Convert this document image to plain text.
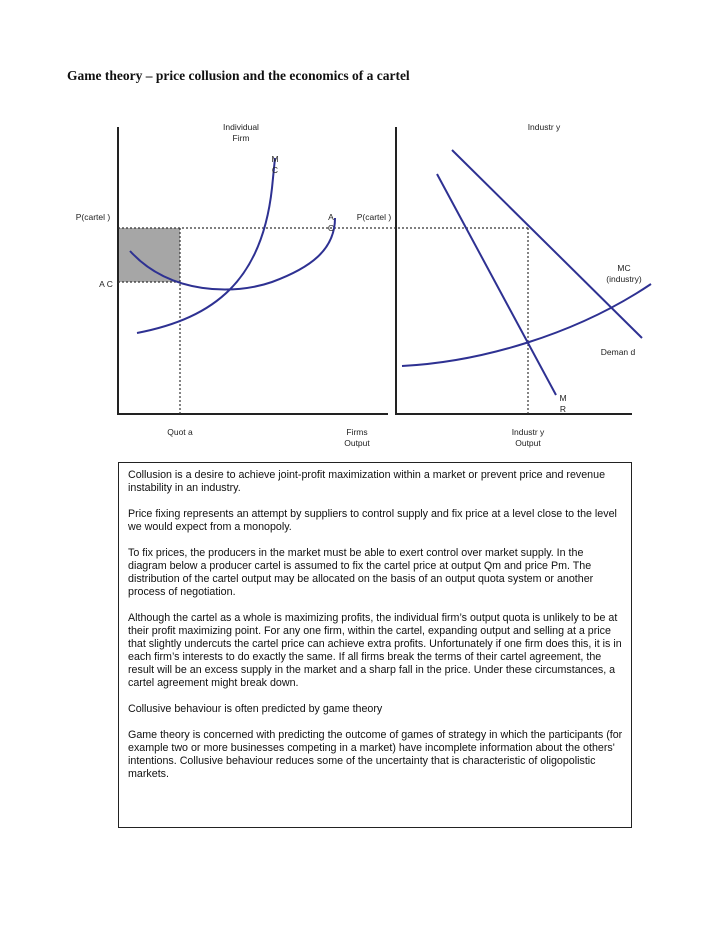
Game theory – price collusion and the economics of a cartel
Individual Firm
Industr y
M C
A C
P(cartel )	P(cartel )
A C
MC (industry)
Deman d
M R
Quot a	Firms Output
Industr y Output

Collusion is a desire to achieve joint-profit maximization within a market or prevent price and revenue instability in an industry.

Price fixing represents an attempt by suppliers to control supply and fix price at a level close to the level we would expect from a monopoly.

To fix prices, the producers in the market must be able to exert control over market supply. In the diagram below a producer cartel is assumed to fix the cartel price at output Qm and price Pm. The distribution of the cartel output may be allocated on the basis of an output quota system or another process of negotiation.

Although the cartel as a whole is maximizing profits, the individual firm’s output quota is unlikely to be at their profit maximizing point. For any one firm, within the cartel, expanding output and selling at a price that slightly undercuts the cartel price can achieve extra profits. Unfortunately if one firm does this, it is in each firm’s interests to do exactly the same. If all firms break the terms of their cartel agreement, the result will be an excess supply in the market and a sharp fall in the price. Under these circumstances, a cartel agreement might break down.

Collusive behaviour is often predicted by game theory

Game theory is concerned with predicting the outcome of games of strategy in which the participants (for example two or more businesses competing in a market) have incomplete information about the others' intentions. Collusive behaviour reduces some of the uncertainty that is characteristic of oligopolistic markets.
